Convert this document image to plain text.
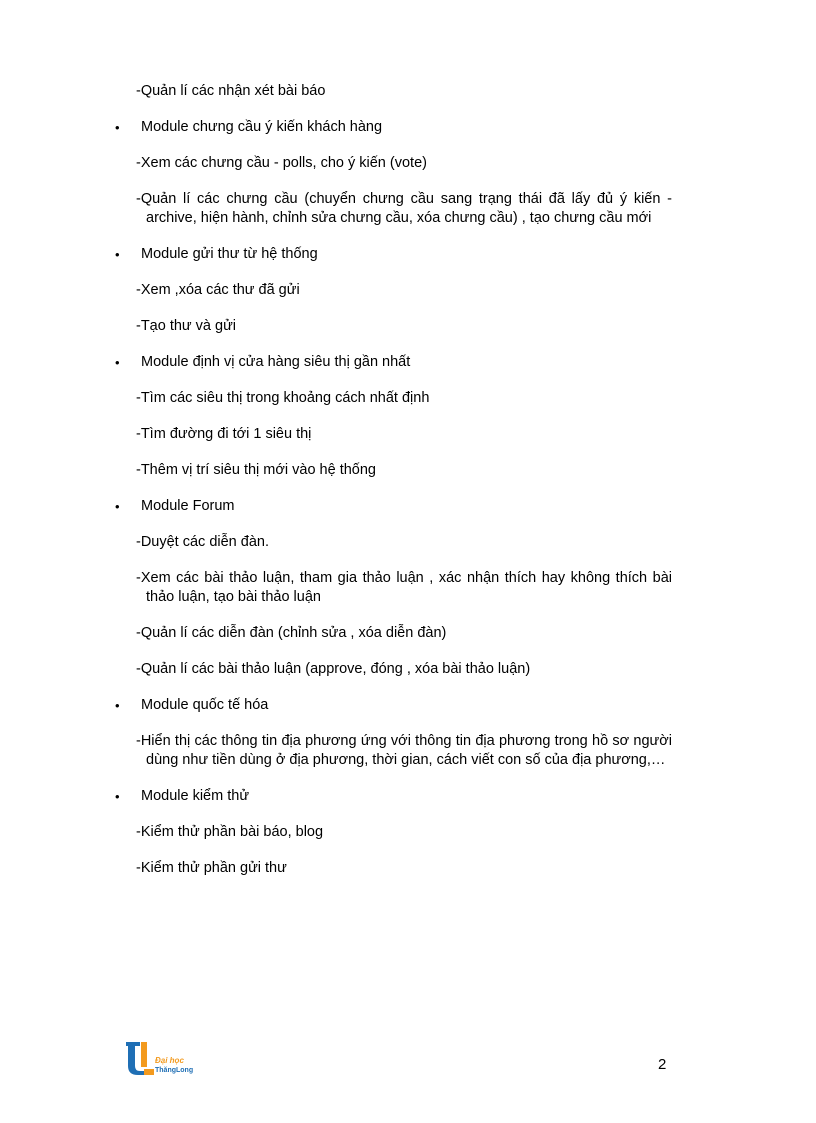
-Quản lí các nhận xét bài báo
• Module chưng cầu ý kiến khách hàng
-Xem các chưng cầu - polls, cho ý kiến (vote)
-Quản lí các chưng cầu (chuyển chưng cầu sang trạng thái đã lấy đủ ý kiến - archive, hiện hành, chỉnh sửa chưng cầu, xóa chưng cầu) , tạo chưng cầu mới
• Module gửi thư từ hệ thống
-Xem ,xóa các thư đã gửi
-Tạo thư và gửi
• Module định vị cửa hàng siêu thị gần nhất
-Tìm các siêu thị trong khoảng cách nhất định
-Tìm đường đi tới 1 siêu thị
-Thêm vị trí siêu thị mới vào hệ thống
• Module Forum
-Duyệt các diễn đàn.
-Xem các bài thảo luận, tham gia thảo luận , xác nhận thích hay không thích bài thảo luận, tạo bài thảo luận
-Quản lí các diễn đàn (chỉnh sửa , xóa diễn đàn)
-Quản lí các bài thảo luận (approve, đóng , xóa bài thảo luận)
• Module quốc tế hóa
-Hiển thị các thông tin địa phương ứng với thông tin địa phương trong hồ sơ người dùng như tiền dùng ở địa phương, thời gian, cách viết con số của địa phương,…
• Module kiểm thử
-Kiểm thử phần bài báo, blog
-Kiểm thử phần gửi thư
Đại học
ThăngLong	2
